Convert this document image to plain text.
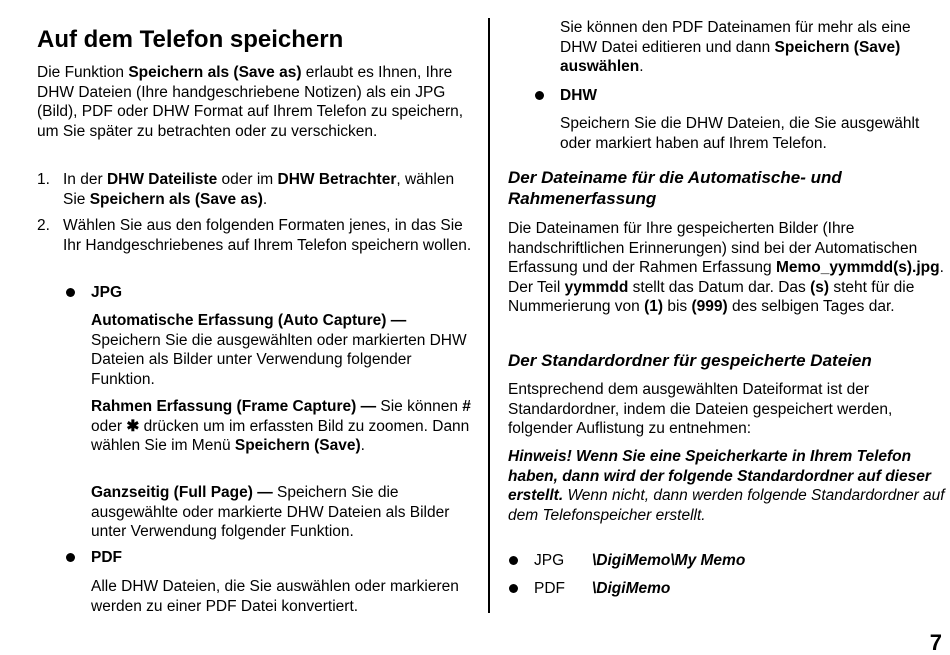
Auf dem Telefon speichern

Die Funktion Speichern als (Save as) erlaubt es Ihnen, Ihre DHW Dateien (Ihre handgeschriebene Notizen) als ein JPG (Bild), PDF oder DHW Format auf Ihrem Telefon zu speichern, um Sie später zu betrachten oder zu verschicken.

1. In der DHW Dateiliste oder im DHW Betrachter, wählen Sie Speichern als (Save as).

2. Wählen Sie aus den folgenden Formaten jenes, in das Sie Ihr Handgeschriebenes auf Ihrem Telefon speichern wollen.

JPG

Automatische Erfassung (Auto Capture) — Speichern Sie die ausgewählten oder markierten DHW Dateien als Bilder unter Verwendung folgender Funktion.

Rahmen Erfassung (Frame Capture) — Sie können # oder ✱ drücken um im erfassten Bild zu zoomen. Dann wählen Sie im Menü Speichern (Save).

Ganzseitig (Full Page) — Speichern Sie die ausgewählte oder markierte DHW Dateien als Bilder unter Verwendung folgender Funktion.

PDF

Alle DHW Dateien, die Sie auswählen oder markieren werden zu einer PDF Datei konvertiert.

Sie können den PDF Dateinamen für mehr als eine DHW Datei editieren und dann Speichern (Save) auswählen.

DHW

Speichern Sie die DHW Dateien, die Sie ausgewählt oder markiert haben auf Ihrem Telefon.

Der Dateiname für die Automatische- und Rahmenerfassung

Die Dateinamen für Ihre gespeicherten Bilder (Ihre handschriftlichen Erinnerungen) sind bei der Automatischen Erfassung und der Rahmen Erfassung Memo_yymmdd(s).jpg. Der Teil yymmdd stellt das Datum dar. Das (s) steht für die Nummerierung von (1) bis (999) des selbigen Tages dar.

Der Standardordner für gespeicherte Dateien

Entsprechend dem ausgewählten Dateiformat ist der Standardordner, indem die Dateien gespeichert werden, folgender Auflistung zu entnehmen:

Hinweis! Wenn Sie eine Speicherkarte in Ihrem Telefon haben, dann wird der folgende Standardordner auf dieser erstellt. Wenn nicht, dann werden folgende Standardordner auf dem Telefonspeicher erstellt.

JPG \DigiMemo\My Memo
PDF \DigiMemo
7
